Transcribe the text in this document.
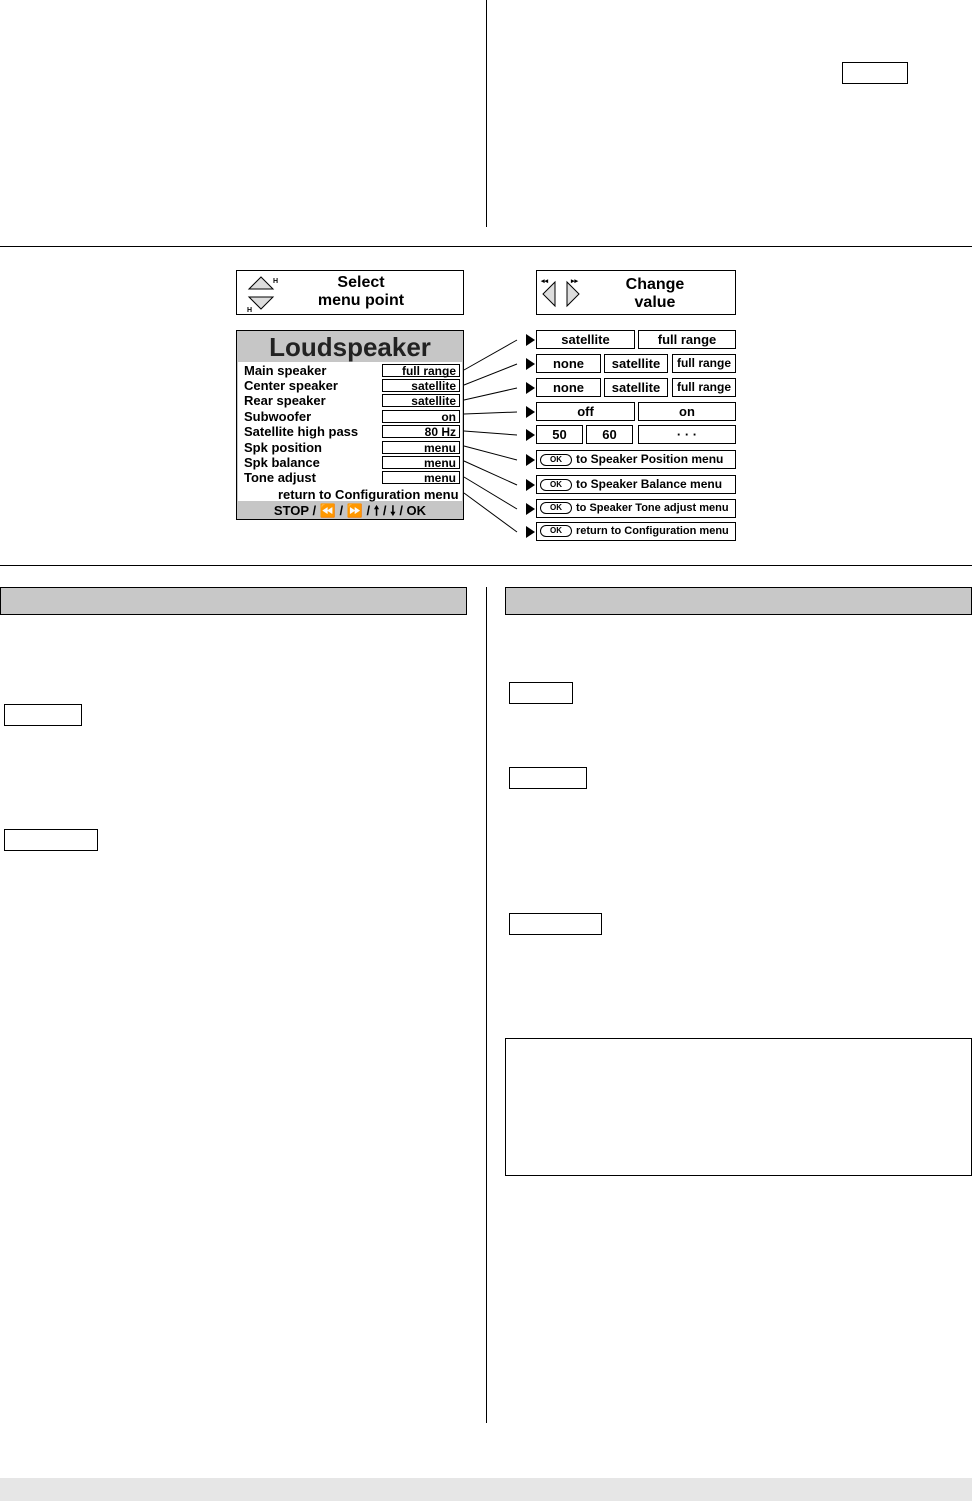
H
H
Select
menu point
◂◂	▸▸	Change
value
Loudspeaker
Main speaker	full range
Center speaker	satellite
Rear speaker	satellite
Subwoofer	on
Satellite high pass	80 Hz
Spk position	menu
Spk balance	menu
Tone adjust	menu
return to Configuration menu
STOP / ⏪ / ⏩ / 🠕 / 🠗 / OK
satellite	full range
none	satellite	full range
none	satellite	full range
off	on
50	60	· · ·
OK to Speaker Position menu
OK to Speaker Balance menu
OK to Speaker Tone adjust menu
OK return to Configuration menu
